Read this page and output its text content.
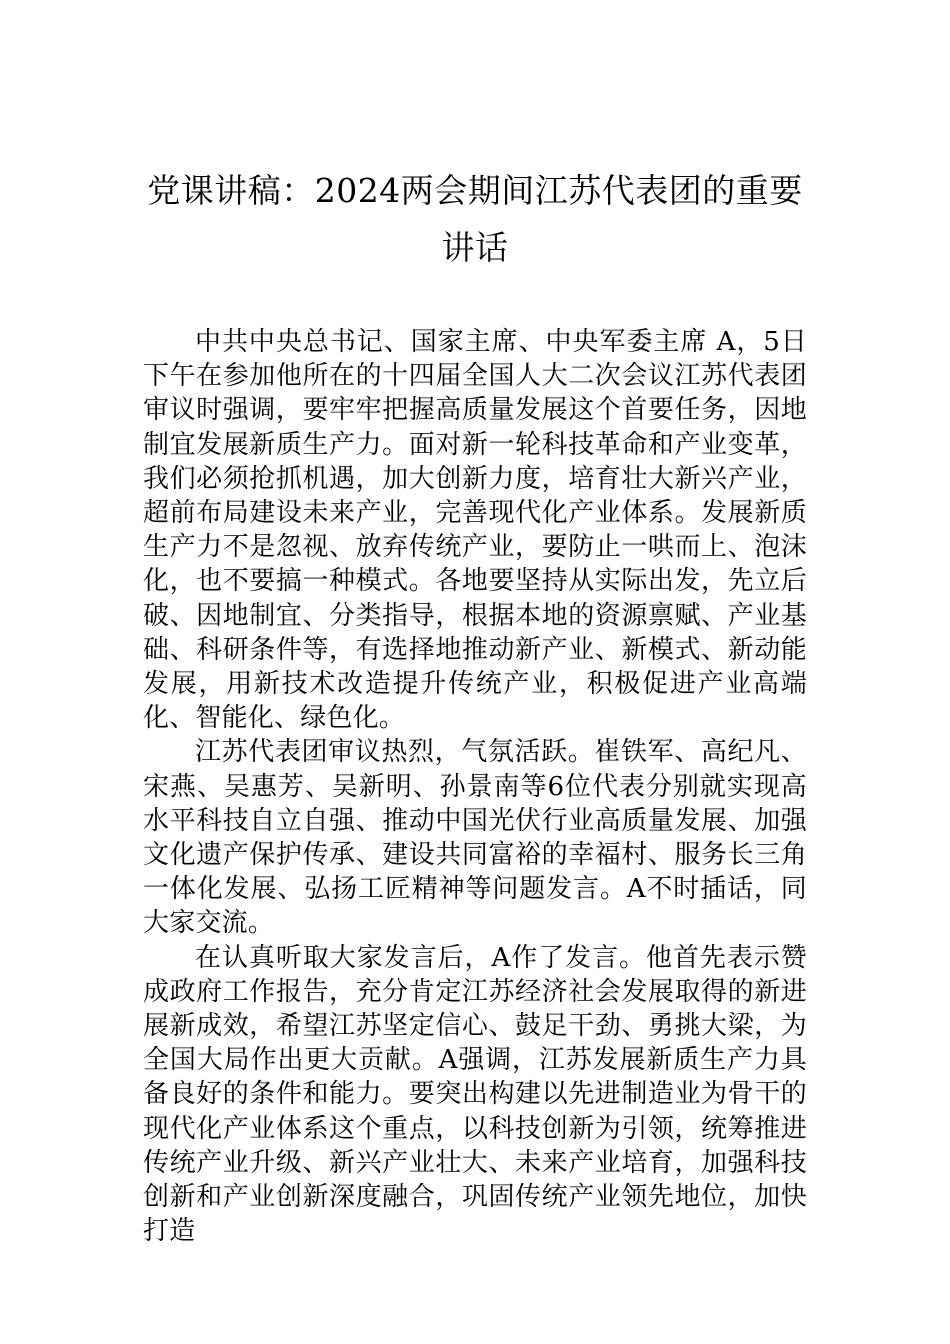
党课讲稿：2024两会期间江苏代表团的重要讲话

中共中央总书记、国家主席、中央军委主席 A，5日下午在参加他所在的十四届全国人大二次会议江苏代表团审议时强调，要牢牢把握高质量发展这个首要任务，因地制宜发展新质生产力。面对新一轮科技革命和产业变革，我们必须抢抓机遇，加大创新力度，培育壮大新兴产业，超前布局建设未来产业，完善现代化产业体系。发展新质生产力不是忽视、放弃传统产业，要防止一哄而上、泡沫化，也不要搞一种模式。各地要坚持从实际出发，先立后破、因地制宜、分类指导，根据本地的资源禀赋、产业基础、科研条件等，有选择地推动新产业、新模式、新动能发展，用新技术改造提升传统产业，积极促进产业高端化、智能化、绿色化。

江苏代表团审议热烈，气氛活跃。崔铁军、高纪凡、宋燕、吴惠芳、吴新明、孙景南等6位代表分别就实现高水平科技自立自强、推动中国光伏行业高质量发展、加强文化遗产保护传承、建设共同富裕的幸福村、服务长三角一体化发展、弘扬工匠精神等问题发言。A不时插话，同大家交流。

在认真听取大家发言后，A作了发言。他首先表示赞成政府工作报告，充分肯定江苏经济社会发展取得的新进展新成效，希望江苏坚定信心、鼓足干劲、勇挑大梁，为全国大局作出更大贡献。A强调，江苏发展新质生产力具备良好的条件和能力。要突出构建以先进制造业为骨干的现代化产业体系这个重点，以科技创新为引领，统筹推进传统产业升级、新兴产业壮大、未来产业培育，加强科技创新和产业创新深度融合，巩固传统产业领先地位，加快打造
